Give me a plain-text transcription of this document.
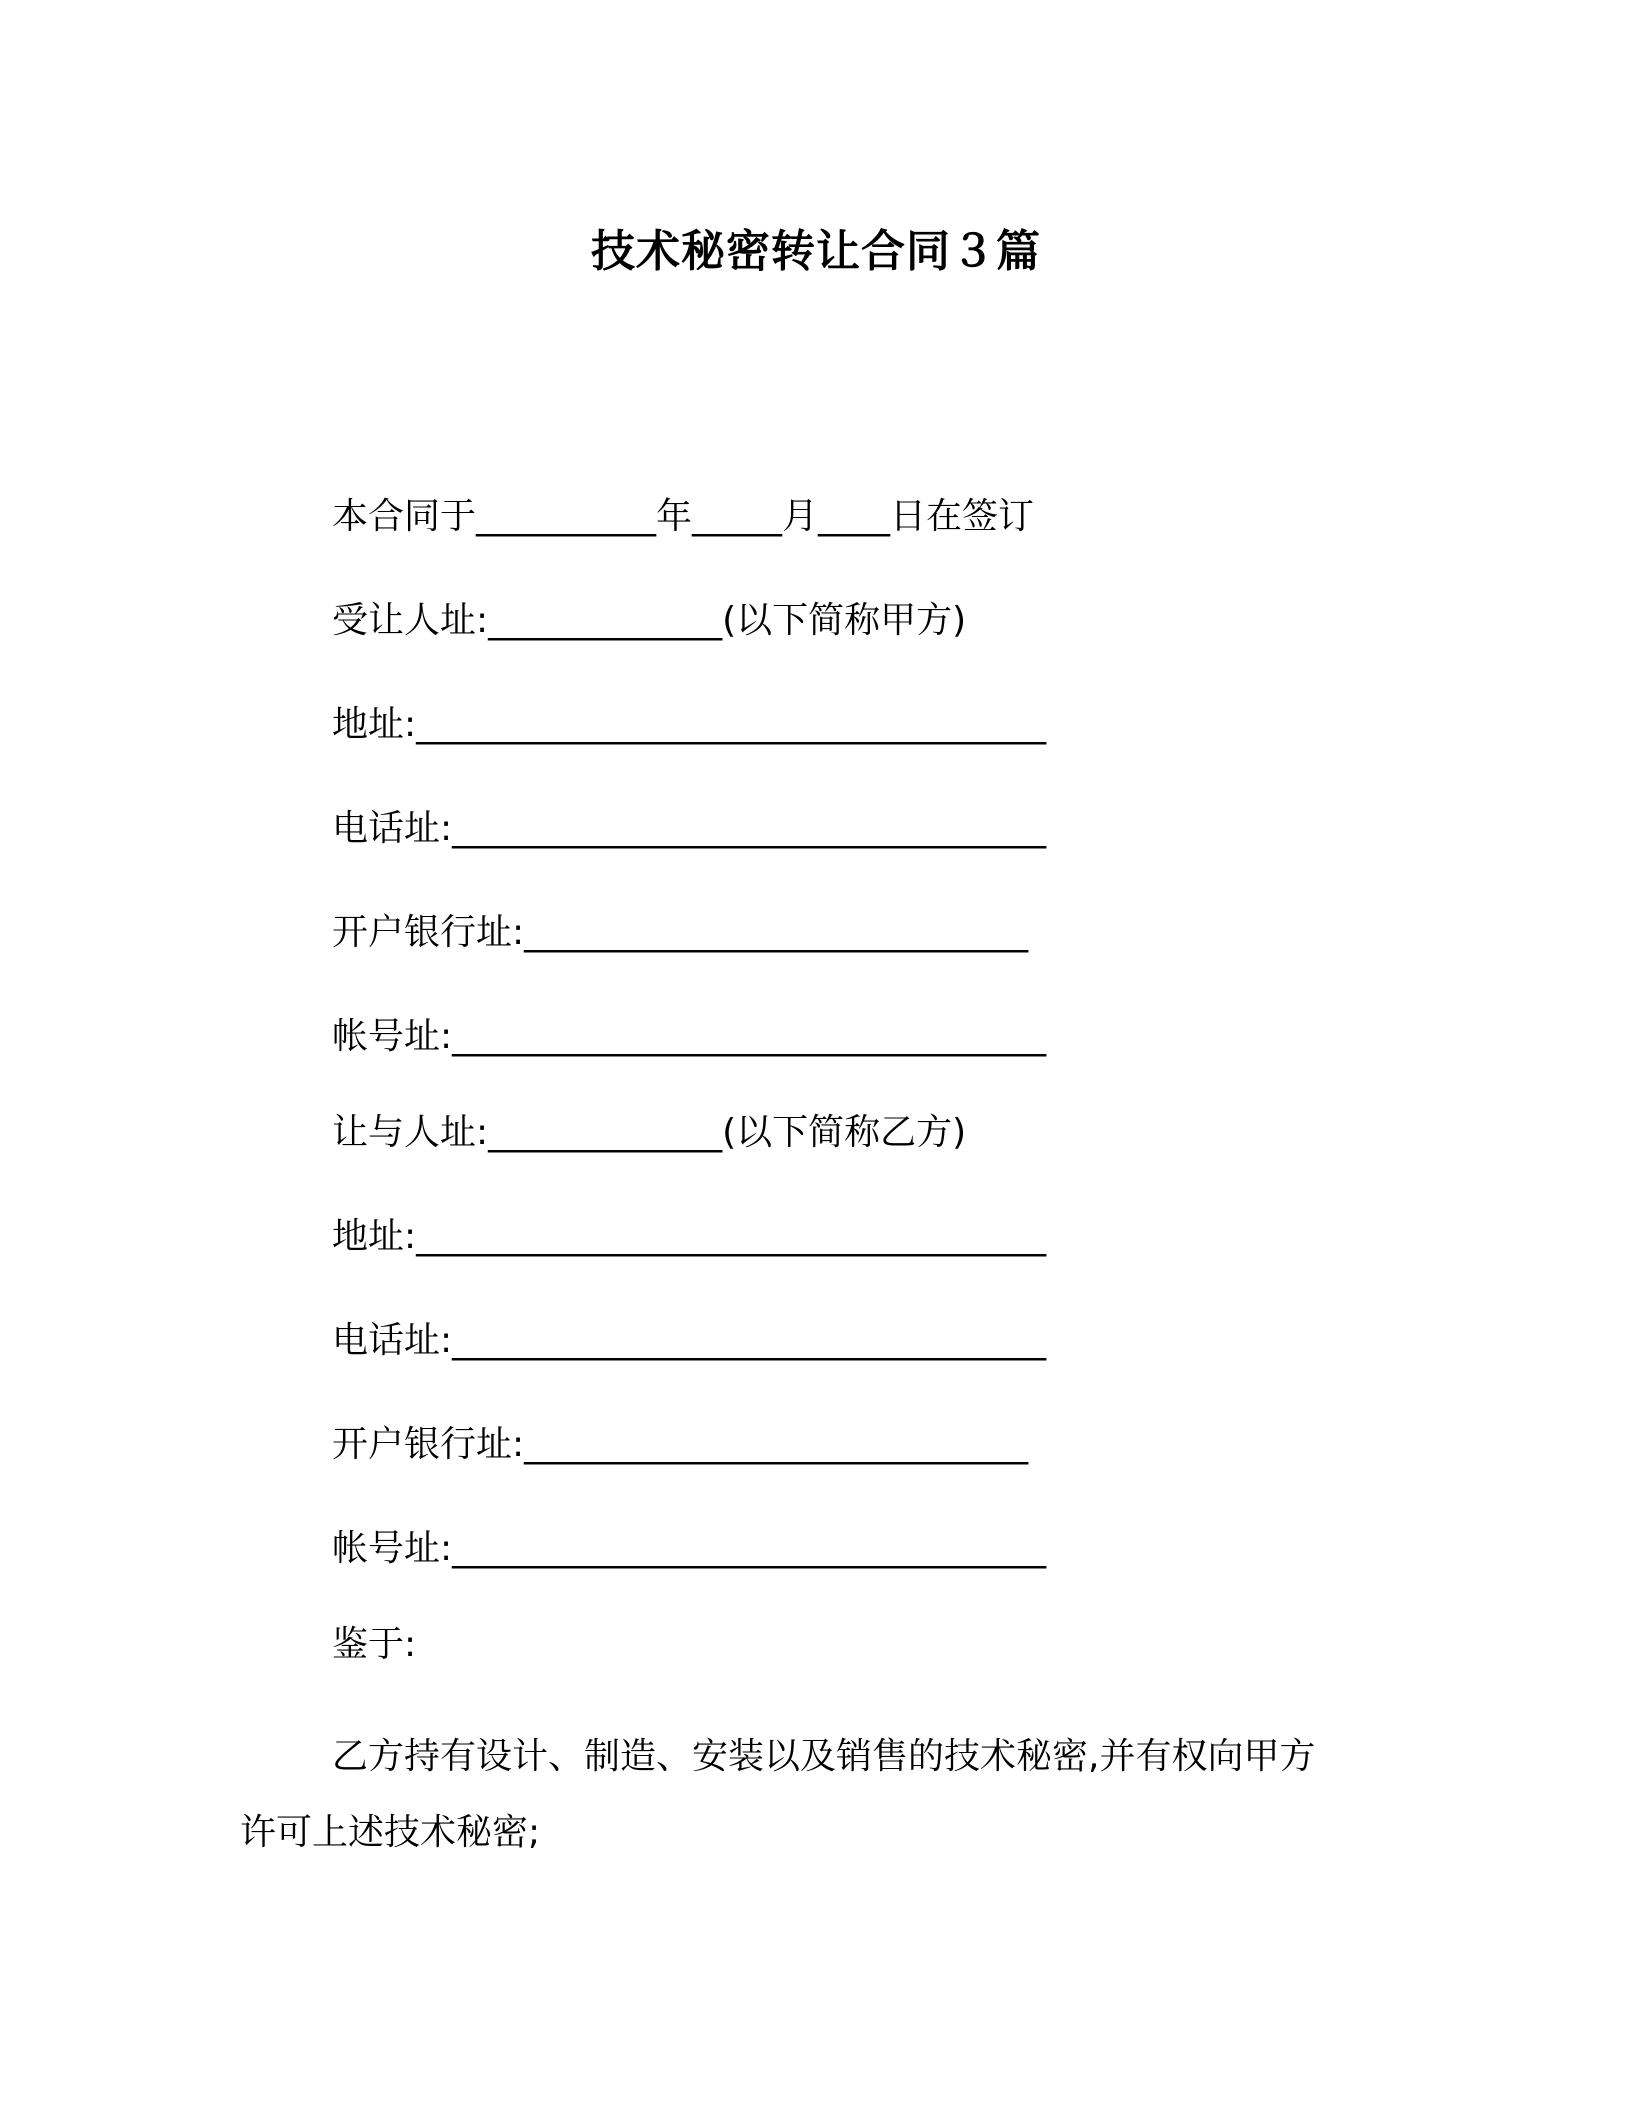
技术秘密转让合同３篇

本合同于__________年_____月____日在签订

受让人址:_____________(以下简称甲方)

地址:___________________________________

电话址:_________________________________

开户银行址:____________________________

帐号址:_________________________________

让与人址:_____________(以下简称乙方)

地址:___________________________________

电话址:_________________________________

开户银行址:____________________________

帐号址:_________________________________

鉴于:

乙方持有设计、制造、安装以及销售的技术秘密,并有权向甲方

许可上述技术秘密;
